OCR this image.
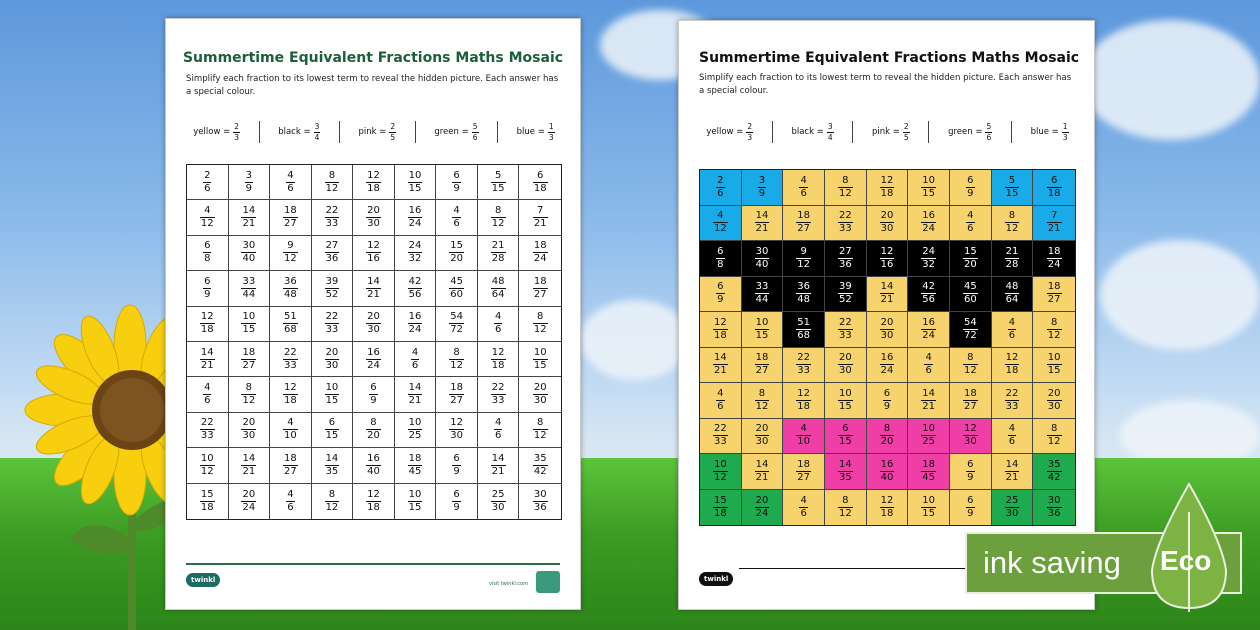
Summertime Equivalent Fractions Maths Mosaic
Simplify each fraction to its lowest term to reveal the hidden picture. Each answer has a special colour.
yellow = $\frac{2}{3}$	black = $\frac{3}{4}$	pink = $\frac{2}{5}$	green = $\frac{5}{6}$	blue = $\frac{1}{3}$
$\frac{2}{6}$	$\frac{3}{9}$	$\frac{4}{6}$	$\frac{8}{12}$	$\frac{12}{18}$	$\frac{10}{15}$	$\frac{6}{9}$	$\frac{5}{15}$	$\frac{6}{18}$
$\frac{4}{12}$	$\frac{14}{21}$	$\frac{18}{27}$	$\frac{22}{33}$	$\frac{20}{30}$	$\frac{16}{24}$	$\frac{4}{6}$	$\frac{8}{12}$	$\frac{7}{21}$
$\frac{6}{8}$	$\frac{30}{40}$	$\frac{9}{12}$	$\frac{27}{36}$	$\frac{12}{16}$	$\frac{24}{32}$	$\frac{15}{20}$	$\frac{21}{28}$	$\frac{18}{24}$
$\frac{6}{9}$	$\frac{33}{44}$	$\frac{36}{48}$	$\frac{39}{52}$	$\frac{14}{21}$	$\frac{42}{56}$	$\frac{45}{60}$	$\frac{48}{64}$	$\frac{18}{27}$
$\frac{12}{18}$	$\frac{10}{15}$	$\frac{51}{68}$	$\frac{22}{33}$	$\frac{20}{30}$	$\frac{16}{24}$	$\frac{54}{72}$	$\frac{4}{6}$	$\frac{8}{12}$
$\frac{14}{21}$	$\frac{18}{27}$	$\frac{22}{33}$	$\frac{20}{30}$	$\frac{16}{24}$	$\frac{4}{6}$	$\frac{8}{12}$	$\frac{12}{18}$	$\frac{10}{15}$
$\frac{4}{6}$	$\frac{8}{12}$	$\frac{12}{18}$	$\frac{10}{15}$	$\frac{6}{9}$	$\frac{14}{21}$	$\frac{18}{27}$	$\frac{22}{33}$	$\frac{20}{30}$
$\frac{22}{33}$	$\frac{20}{30}$	$\frac{4}{10}$	$\frac{6}{15}$	$\frac{8}{20}$	$\frac{10}{25}$	$\frac{12}{30}$	$\frac{4}{6}$	$\frac{8}{12}$
$\frac{10}{12}$	$\frac{14}{21}$	$\frac{18}{27}$	$\frac{14}{35}$	$\frac{16}{40}$	$\frac{18}{45}$	$\frac{6}{9}$	$\frac{14}{21}$	$\frac{35}{42}$
$\frac{15}{18}$	$\frac{20}{24}$	$\frac{4}{6}$	$\frac{8}{12}$	$\frac{12}{18}$	$\frac{10}{15}$	$\frac{6}{9}$	$\frac{25}{30}$	$\frac{30}{36}$
twinkl	visit twinkl.com
Summertime Equivalent Fractions Maths Mosaic
Simplify each fraction to its lowest term to reveal the hidden picture. Each answer has a special colour.
yellow = $\frac{2}{3}$	black = $\frac{3}{4}$	pink = $\frac{2}{5}$	green = $\frac{5}{6}$	blue = $\frac{1}{3}$
$\frac{2}{6}$	$\frac{3}{9}$	$\frac{4}{6}$	$\frac{8}{12}$	$\frac{12}{18}$	$\frac{10}{15}$	$\frac{6}{9}$	$\frac{5}{15}$	$\frac{6}{18}$
$\frac{4}{12}$	$\frac{14}{21}$	$\frac{18}{27}$	$\frac{22}{33}$	$\frac{20}{30}$	$\frac{16}{24}$	$\frac{4}{6}$	$\frac{8}{12}$	$\frac{7}{21}$
$\frac{6}{8}$	$\frac{30}{40}$	$\frac{9}{12}$	$\frac{27}{36}$	$\frac{12}{16}$	$\frac{24}{32}$	$\frac{15}{20}$	$\frac{21}{28}$	$\frac{18}{24}$
$\frac{6}{9}$	$\frac{33}{44}$	$\frac{36}{48}$	$\frac{39}{52}$	$\frac{14}{21}$	$\frac{42}{56}$	$\frac{45}{60}$	$\frac{48}{64}$	$\frac{18}{27}$
$\frac{12}{18}$	$\frac{10}{15}$	$\frac{51}{68}$	$\frac{22}{33}$	$\frac{20}{30}$	$\frac{16}{24}$	$\frac{54}{72}$	$\frac{4}{6}$	$\frac{8}{12}$
$\frac{14}{21}$	$\frac{18}{27}$	$\frac{22}{33}$	$\frac{20}{30}$	$\frac{16}{24}$	$\frac{4}{6}$	$\frac{8}{12}$	$\frac{12}{18}$	$\frac{10}{15}$
$\frac{4}{6}$	$\frac{8}{12}$	$\frac{12}{18}$	$\frac{10}{15}$	$\frac{6}{9}$	$\frac{14}{21}$	$\frac{18}{27}$	$\frac{22}{33}$	$\frac{20}{30}$
$\frac{22}{33}$	$\frac{20}{30}$	$\frac{4}{10}$	$\frac{6}{15}$	$\frac{8}{20}$	$\frac{10}{25}$	$\frac{12}{30}$	$\frac{4}{6}$	$\frac{8}{12}$
$\frac{10}{12}$	$\frac{14}{21}$	$\frac{18}{27}$	$\frac{14}{35}$	$\frac{16}{40}$	$\frac{18}{45}$	$\frac{6}{9}$	$\frac{14}{21}$	$\frac{35}{42}$
$\frac{15}{18}$	$\frac{20}{24}$	$\frac{4}{6}$	$\frac{8}{12}$	$\frac{12}{18}$	$\frac{10}{15}$	$\frac{6}{9}$	$\frac{25}{30}$	$\frac{30}{36}$
twinkl	ink saving Eco
